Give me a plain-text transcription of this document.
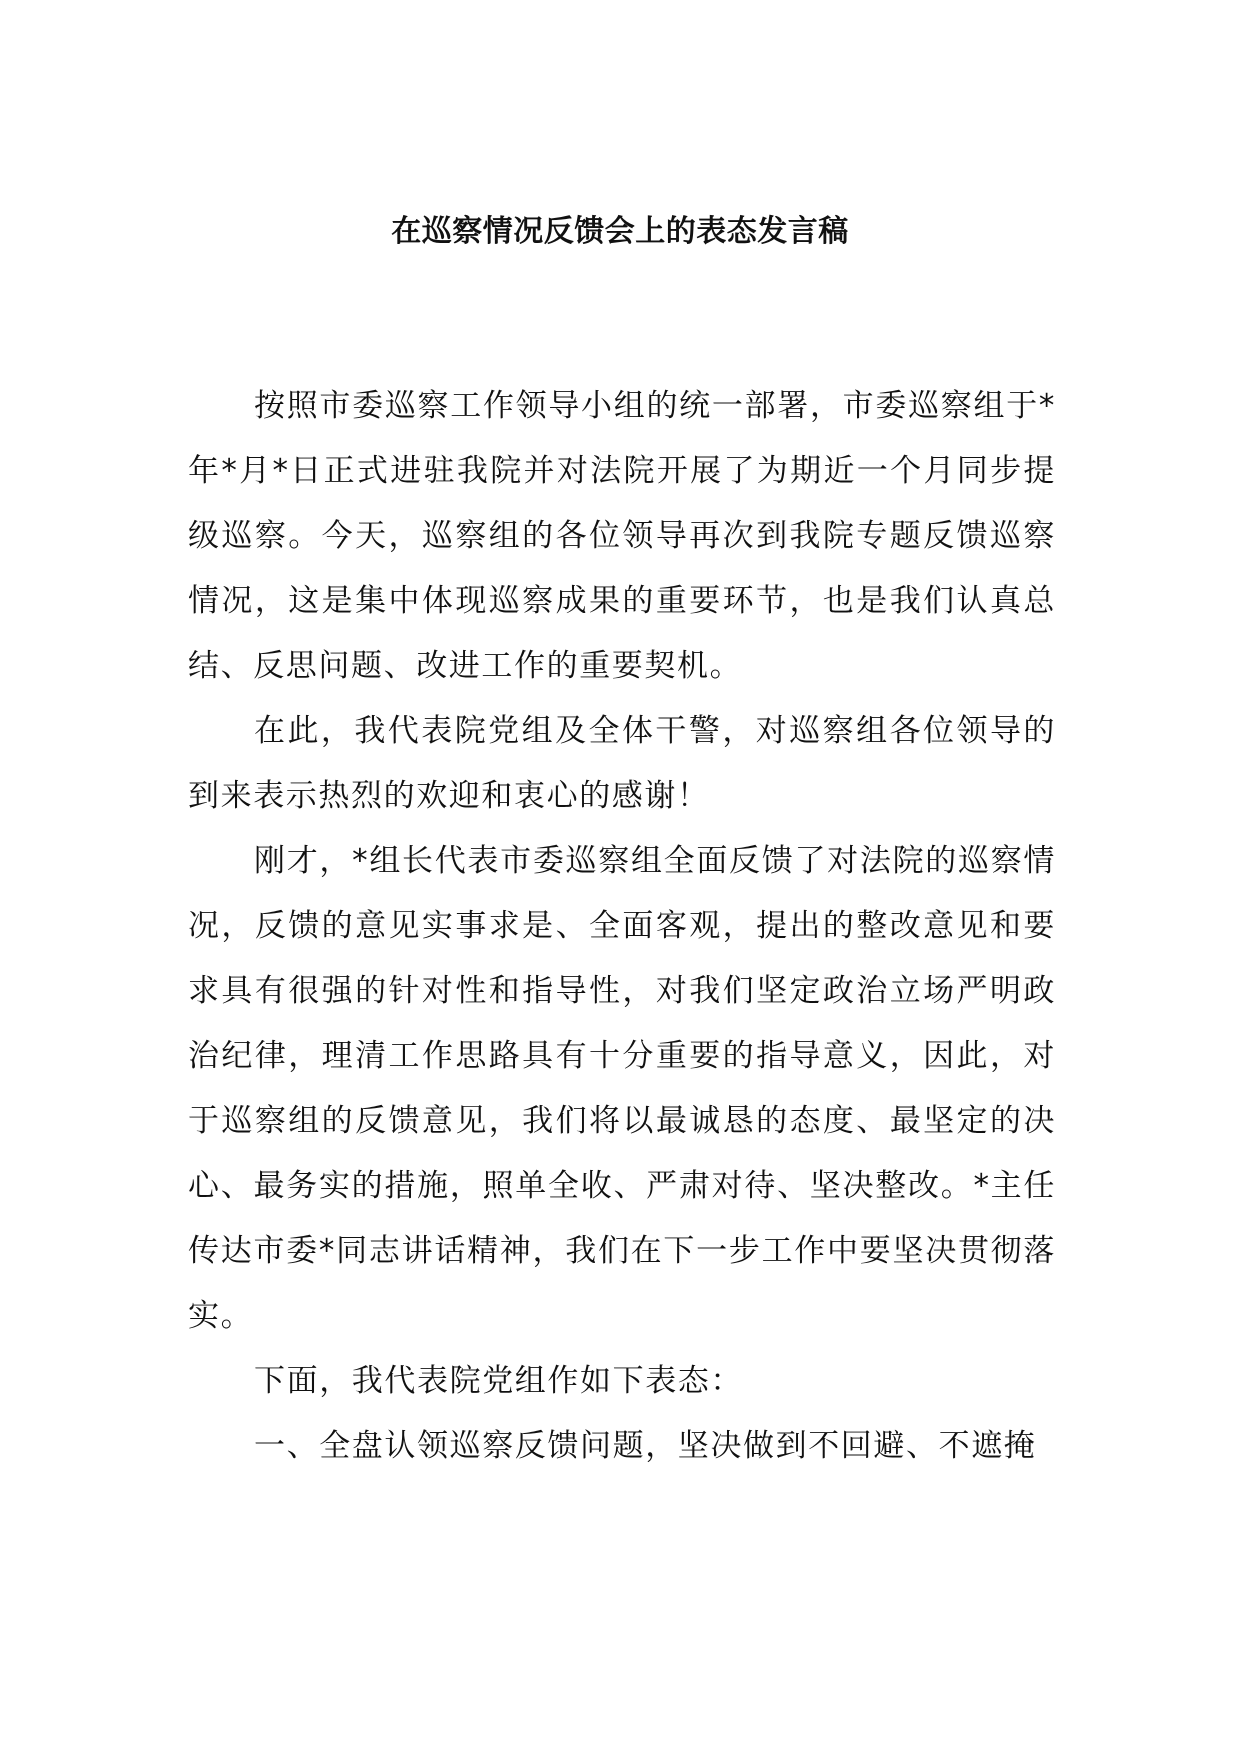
在巡察情况反馈会上的表态发言稿

按照市委巡察工作领导小组的统一部署，市委巡察组于*年*月*日正式进驻我院并对法院开展了为期近一个月同步提级巡察。今天，巡察组的各位领导再次到我院专题反馈巡察情况，这是集中体现巡察成果的重要环节，也是我们认真总结、反思问题、改进工作的重要契机。

在此，我代表院党组及全体干警，对巡察组各位领导的到来表示热烈的欢迎和衷心的感谢！

刚才，*组长代表市委巡察组全面反馈了对法院的巡察情况，反馈的意见实事求是、全面客观，提出的整改意见和要求具有很强的针对性和指导性，对我们坚定政治立场严明政治纪律，理清工作思路具有十分重要的指导意义，因此，对于巡察组的反馈意见，我们将以最诚恳的态度、最坚定的决心、最务实的措施，照单全收、严肃对待、坚决整改。*主任传达市委*同志讲话精神，我们在下一步工作中要坚决贯彻落实。

下面，我代表院党组作如下表态：

一、全盘认领巡察反馈问题，坚决做到不回避、不遮掩
